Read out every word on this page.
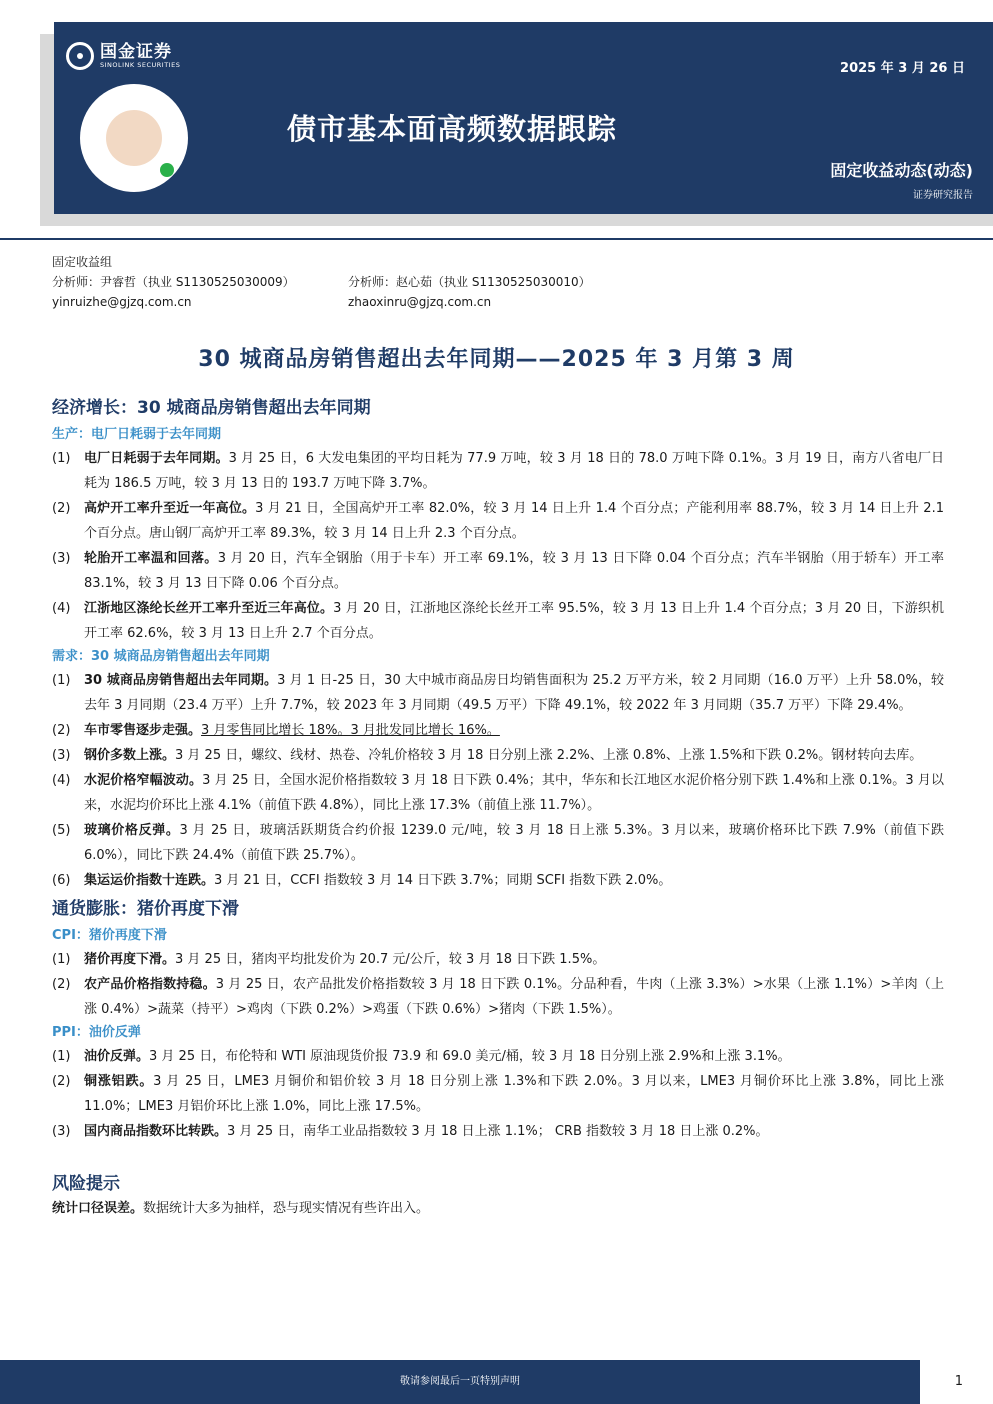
国金证券
SINOLINK SECURITIES	2025 年 3 月 26 日
债市基本面高频数据跟踪
固定收益动态(动态)
证券研究报告
固定收益组
分析师：尹睿哲（执业 S1130525030009）	分析师：赵心茹（执业 S1130525030010）
yinruizhe@gjzq.com.cn	zhaoxinru@gjzq.com.cn
30 城商品房销售超出去年同期——2025 年 3 月第 3 周
经济增长：30 城商品房销售超出去年同期
生产：电厂日耗弱于去年同期
(1)	电厂日耗弱于去年同期。3 月 25 日，6 大发电集团的平均日耗为 77.9 万吨，较 3 月 18 日的 78.0 万吨下降 0.1%。3 月 19 日，南方八省电厂日耗为 186.5 万吨，较 3 月 13 日的 193.7 万吨下降 3.7%。
(2)	高炉开工率升至近一年高位。3 月 21 日，全国高炉开工率 82.0%，较 3 月 14 日上升 1.4 个百分点；产能利用率 88.7%，较 3 月 14 日上升 2.1 个百分点。唐山钢厂高炉开工率 89.3%，较 3 月 14 日上升 2.3 个百分点。
(3)	轮胎开工率温和回落。3 月 20 日，汽车全钢胎（用于卡车）开工率 69.1%，较 3 月 13 日下降 0.04 个百分点；汽车半钢胎（用于轿车）开工率 83.1%，较 3 月 13 日下降 0.06 个百分点。
(4)	江浙地区涤纶长丝开工率升至近三年高位。3 月 20 日，江浙地区涤纶长丝开工率 95.5%，较 3 月 13 日上升 1.4 个百分点；3 月 20 日，下游织机开工率 62.6%，较 3 月 13 日上升 2.7 个百分点。
需求：30 城商品房销售超出去年同期
(1)	30 城商品房销售超出去年同期。3 月 1 日-25 日，30 大中城市商品房日均销售面积为 25.2 万平方米，较 2 月同期（16.0 万平）上升 58.0%，较去年 3 月同期（23.4 万平）上升 7.7%，较 2023 年 3 月同期（49.5 万平）下降 49.1%，较 2022 年 3 月同期（35.7 万平）下降 29.4%。
(2)	车市零售逐步走强。3 月零售同比增长 18%。3 月批发同比增长 16%。
(3)	钢价多数上涨。3 月 25 日，螺纹、线材、热卷、冷轧价格较 3 月 18 日分别上涨 2.2%、上涨 0.8%、上涨 1.5%和下跌 0.2%。钢材转向去库。
(4)	水泥价格窄幅波动。3 月 25 日，全国水泥价格指数较 3 月 18 日下跌 0.4%；其中，华东和长江地区水泥价格分别下跌 1.4%和上涨 0.1%。3 月以来，水泥均价环比上涨 4.1%（前值下跌 4.8%），同比上涨 17.3%（前值上涨 11.7%）。
(5)	玻璃价格反弹。3 月 25 日，玻璃活跃期货合约价报 1239.0 元/吨，较 3 月 18 日上涨 5.3%。3 月以来，玻璃价格环比下跌 7.9%（前值下跌 6.0%），同比下跌 24.4%（前值下跌 25.7%）。
(6)	集运运价指数十连跌。3 月 21 日，CCFI 指数较 3 月 14 日下跌 3.7%；同期 SCFI 指数下跌 2.0%。
通货膨胀：猪价再度下滑
CPI：猪价再度下滑
(1)	猪价再度下滑。3 月 25 日，猪肉平均批发价为 20.7 元/公斤，较 3 月 18 日下跌 1.5%。
(2)	农产品价格指数持稳。3 月 25 日，农产品批发价格指数较 3 月 18 日下跌 0.1%。分品种看，牛肉（上涨 3.3%）>水果（上涨 1.1%）>羊肉（上涨 0.4%）>蔬菜（持平）>鸡肉（下跌 0.2%）>鸡蛋（下跌 0.6%）>猪肉（下跌 1.5%）。
PPI：油价反弹
(1)	油价反弹。3 月 25 日，布伦特和 WTI 原油现货价报 73.9 和 69.0 美元/桶，较 3 月 18 日分别上涨 2.9%和上涨 3.1%。
(2)	铜涨铝跌。3 月 25 日，LME3 月铜价和铝价较 3 月 18 日分别上涨 1.3%和下跌 2.0%。3 月以来，LME3 月铜价环比上涨 3.8%，同比上涨 11.0%；LME3 月铝价环比上涨 1.0%，同比上涨 17.5%。
(3)	国内商品指数环比转跌。3 月 25 日，南华工业品指数较 3 月 18 日上涨 1.1%； CRB 指数较 3 月 18 日上涨 0.2%。
风险提示
统计口径误差。数据统计大多为抽样，恐与现实情况有些许出入。
敬请参阅最后一页特别声明	1
